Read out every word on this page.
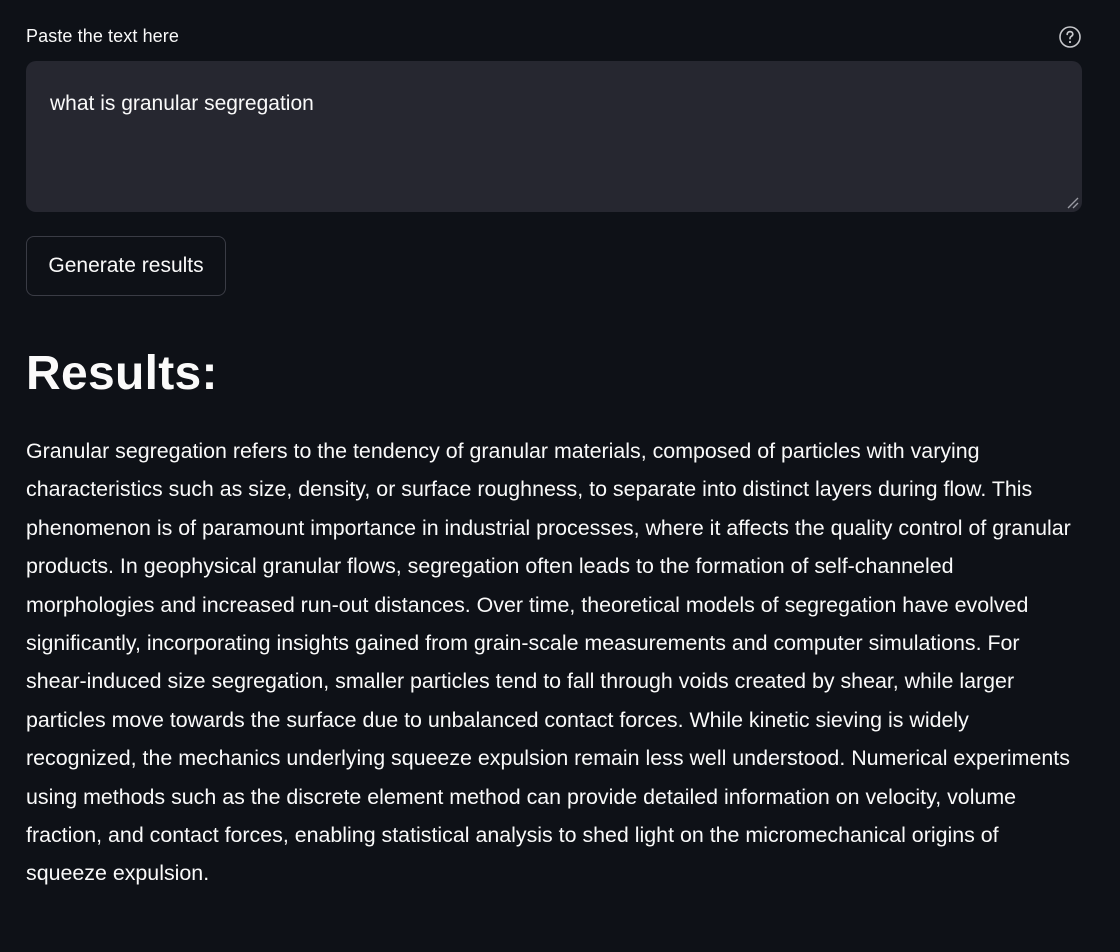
Paste the text here
what is granular segregation
Generate results
Results:

Granular segregation refers to the tendency of granular materials, composed of particles with varying characteristics such as size, density, or surface roughness, to separate into distinct layers during flow. This phenomenon is of paramount importance in industrial processes, where it affects the quality control of granular products. In geophysical granular flows, segregation often leads to the formation of self-channeled morphologies and increased run-out distances. Over time, theoretical models of segregation have evolved significantly, incorporating insights gained from grain-scale measurements and computer simulations. For shear-induced size segregation, smaller particles tend to fall through voids created by shear, while larger particles move towards the surface due to unbalanced contact forces. While kinetic sieving is widely recognized, the mechanics underlying squeeze expulsion remain less well understood. Numerical experiments using methods such as the discrete element method can provide detailed information on velocity, volume fraction, and contact forces, enabling statistical analysis to shed light on the micromechanical origins of squeeze expulsion.
